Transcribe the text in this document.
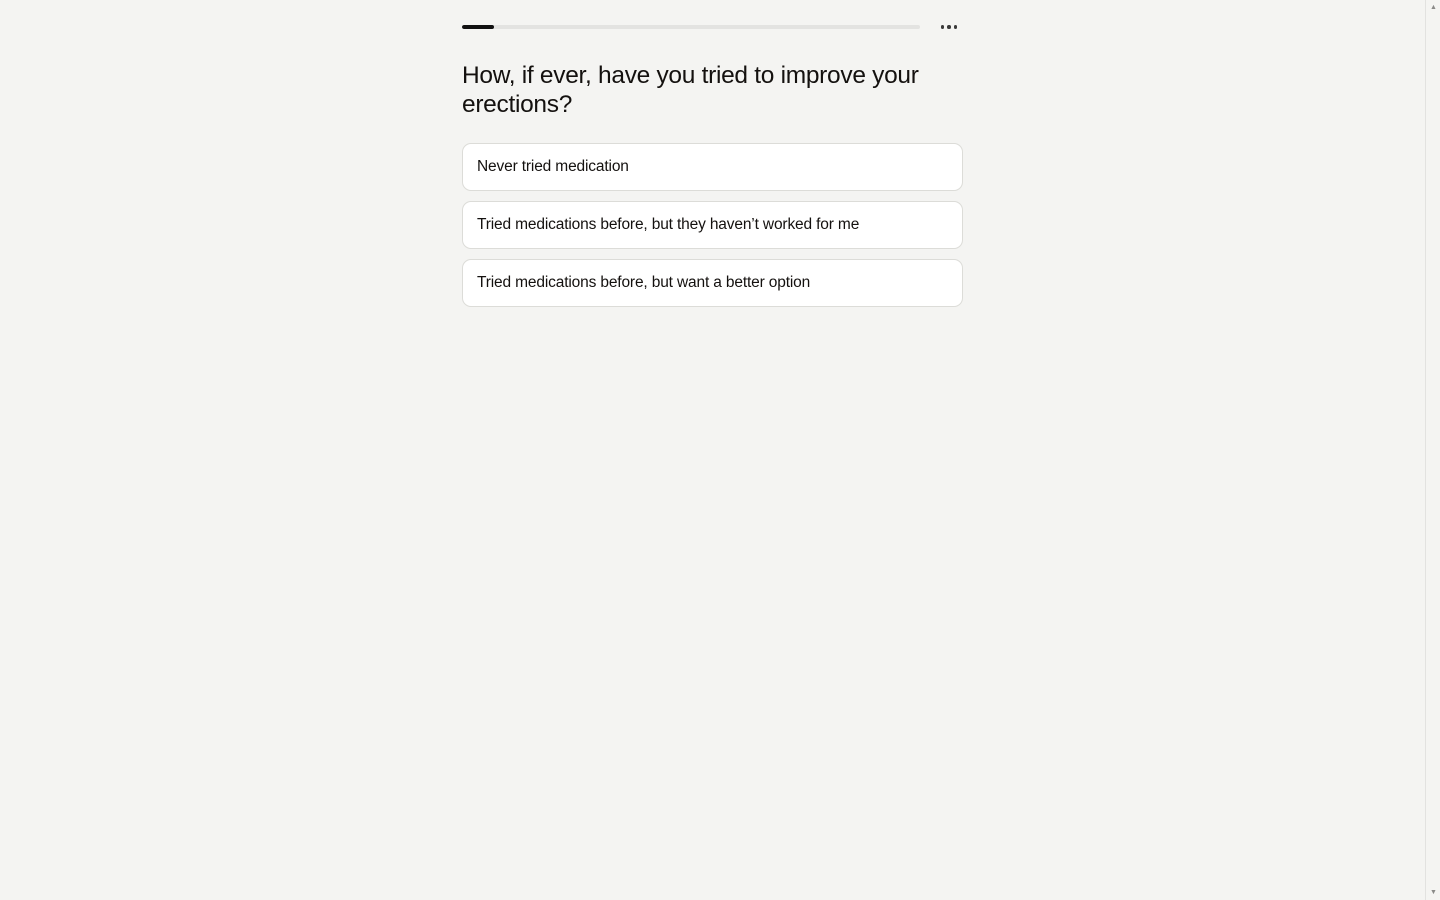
How, if ever, have you tried to improve your erections?
Never tried medication
Tried medications before, but they haven’t worked for me
Tried medications before, but want a better option
▲
▼
